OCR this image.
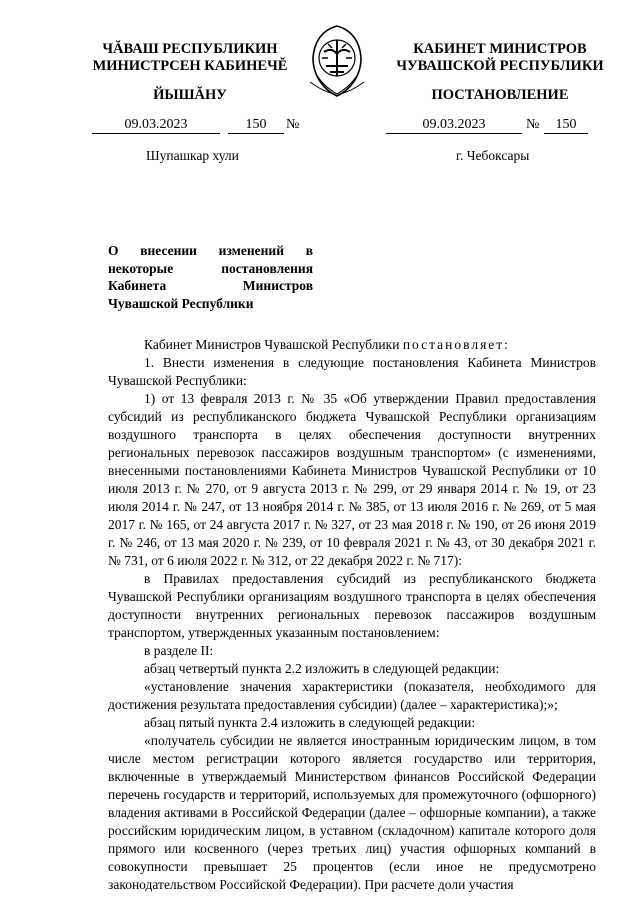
ЧĂВАШ РЕСПУБЛИКИН
МИНИСТРСЕН КАБИНЕЧĔ
КАБИНЕТ МИНИСТРОВ
ЧУВАШСКОЙ РЕСПУБЛИКИ
ЙЫШĂНУ	ПОСТАНОВЛЕНИЕ
09.03.2023	150	№	09.03.2023	№	150
Шупашкар хули	г. Чебоксары
О внесении изменений в некоторые постановления Кабинета Министров Чувашской Республики

Кабинет Министров Чувашской Республики постановляет:

1. Внести изменения в следующие постановления Кабинета Министров Чувашской Республики:

1) от 13 февраля 2013 г. № 35 «Об утверждении Правил предоставления субсидий из республиканского бюджета Чувашской Республики организациям воздушного транспорта в целях обеспечения доступности внутренних региональных перевозок пассажиров воздушным транспортом» (с изменениями, внесенными постановлениями Кабинета Министров Чувашской Республики от 10 июля 2013 г. № 270, от 9 августа 2013 г. № 299, от 29 января 2014 г. № 19, от 23 июля 2014 г. № 247, от 13 ноября 2014 г. № 385, от 13 июля 2016 г. № 269, от 5 мая 2017 г. № 165, от 24 августа 2017 г. № 327, от 23 мая 2018 г. № 190, от 26 июня 2019 г. № 246, от 13 мая 2020 г. № 239, от 10 февраля 2021 г. № 43, от 30 декабря 2021 г. № 731, от 6 июля 2022 г. № 312, от 22 декабря 2022 г. № 717):

в Правилах предоставления субсидий из республиканского бюджета Чувашской Республики организациям воздушного транспорта в целях обеспечения доступности внутренних региональных перевозок пассажиров воздушным транспортом, утвержденных указанным постановлением:

в разделе II:

абзац четвертый пункта 2.2 изложить в следующей редакции:

«установление значения характеристики (показателя, необходимого для достижения результата предоставления субсидии) (далее – характеристика);»;

абзац пятый пункта 2.4 изложить в следующей редакции:

«получатель субсидии не является иностранным юридическим лицом, в том числе местом регистрации которого является государство или территория, включенные в утверждаемый Министерством финансов Российской Федерации перечень государств и территорий, используемых для промежуточного (офшорного) владения активами в Российской Федерации (далее – офшорные компании), а также российским юридическим лицом, в уставном (складочном) капитале которого доля прямого или косвенного (через третьих лиц) участия офшорных компаний в совокупности превышает 25 процентов (если иное не предусмотрено законодательством Российской Федерации). При расчете доли участия
